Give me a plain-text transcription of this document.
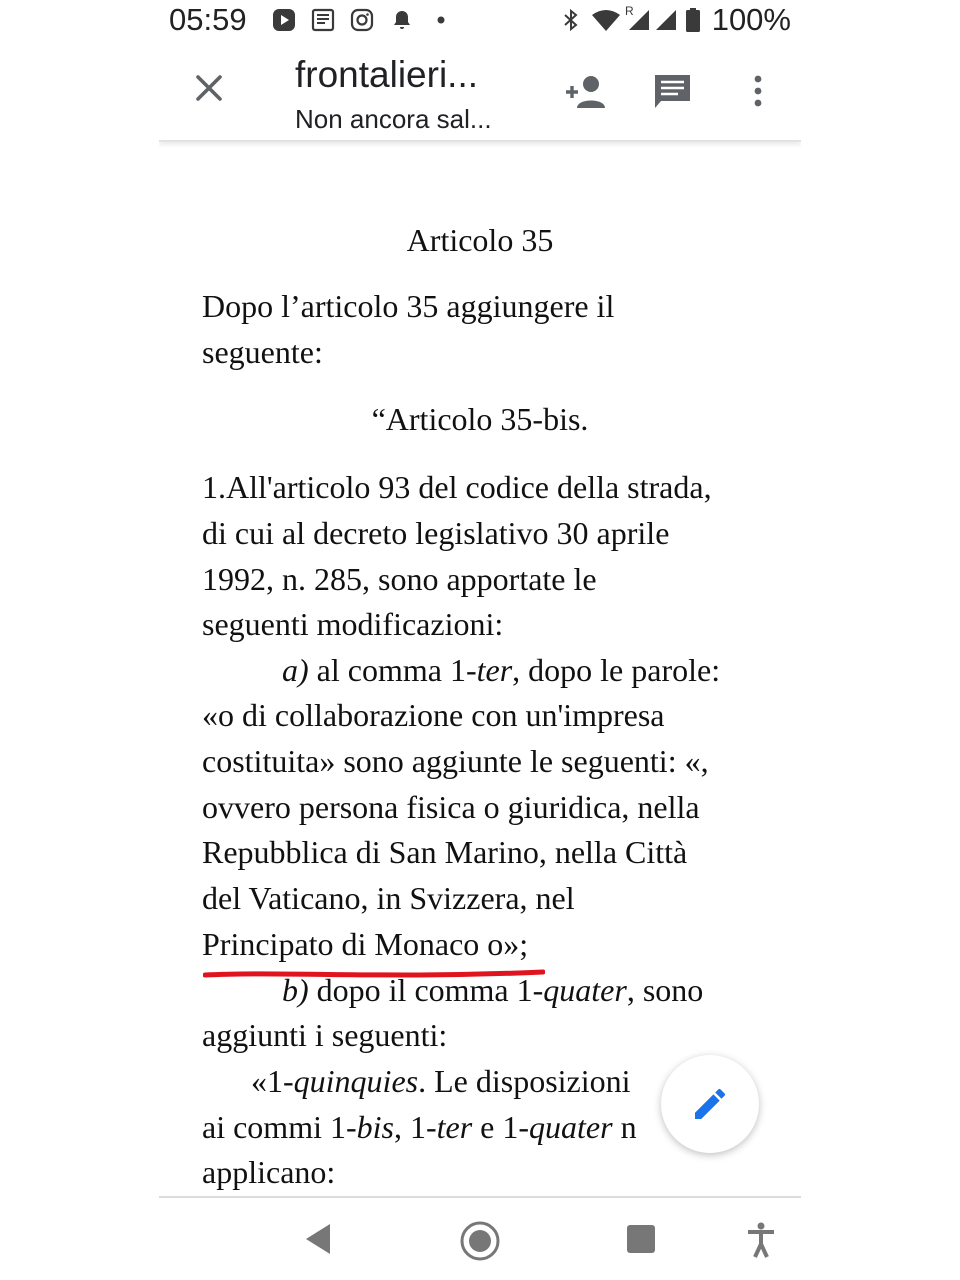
05:59	R	100%
frontalieri...
Non ancora sal...
Articolo 35
Dopo l’articolo 35 aggiungere il
seguente:
“Articolo 35-bis.
1.All'articolo 93 del codice della strada,
di cui al decreto legislativo 30 aprile
1992, n. 285, sono apportate le
seguenti modificazioni:
a) al comma 1-ter, dopo le parole:
«o di collaborazione con un'impresa
costituita» sono aggiunte le seguenti: «,
ovvero persona fisica o giuridica, nella
Repubblica di San Marino, nella Città
del Vaticano, in Svizzera, nel
Principato di Monaco o»;
b) dopo il comma 1-quater, sono
aggiunti i seguenti:
«1-quinquies. Le disposizioni
ai commi 1-bis, 1-ter e 1-quater n
applicano:
